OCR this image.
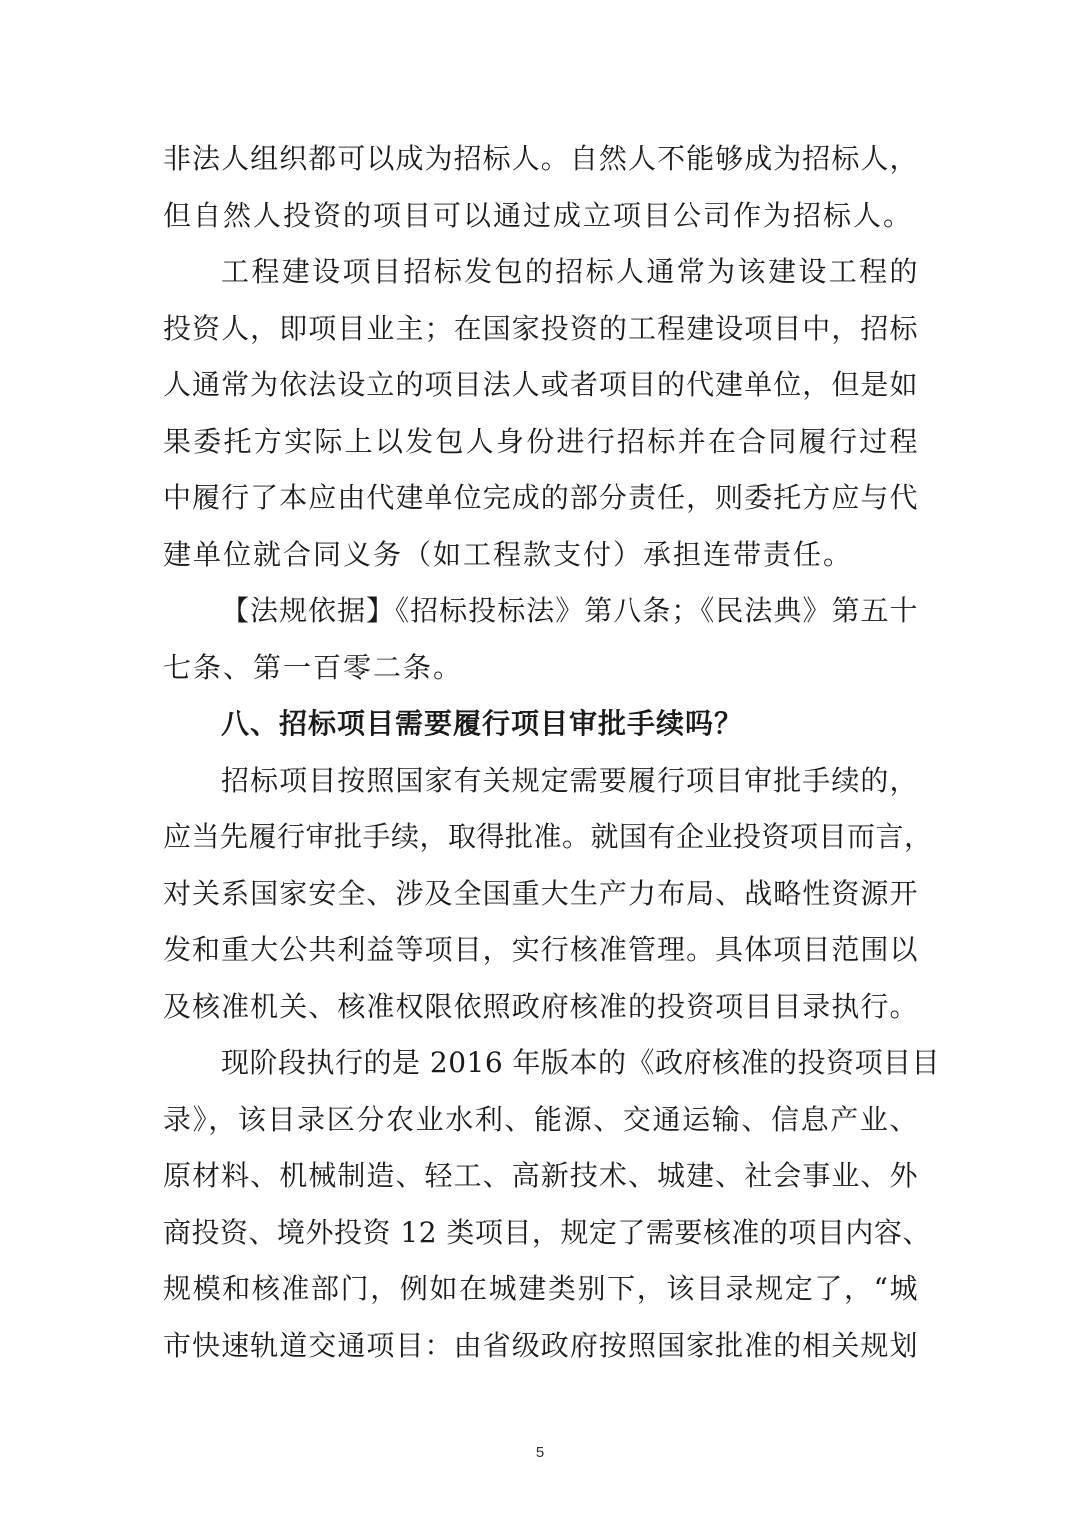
非法人组织都可以成为招标人。自然人不能够成为招标人，
但自然人投资的项目可以通过成立项目公司作为招标人。
工程建设项目招标发包的招标人通常为该建设工程的
投资人，即项目业主；在国家投资的工程建设项目中，招标
人通常为依法设立的项目法人或者项目的代建单位，但是如
果委托方实际上以发包人身份进行招标并在合同履行过程
中履行了本应由代建单位完成的部分责任，则委托方应与代
建单位就合同义务（如工程款支付）承担连带责任。
【法规依据】《招标投标法》第八条；《民法典》第五十
七条、第一百零二条。
八、招标项目需要履行项目审批手续吗？
招标项目按照国家有关规定需要履行项目审批手续的，
应当先履行审批手续，取得批准。就国有企业投资项目而言，
对关系国家安全、涉及全国重大生产力布局、战略性资源开
发和重大公共利益等项目，实行核准管理。具体项目范围以
及核准机关、核准权限依照政府核准的投资项目目录执行。
现阶段执行的是 2016 年版本的《政府核准的投资项目目
录》，该目录区分农业水利、能源、交通运输、信息产业、
原材料、机械制造、轻工、高新技术、城建、社会事业、外
商投资、境外投资 12 类项目，规定了需要核准的项目内容、
规模和核准部门，例如在城建类别下，该目录规定了，“城
市快速轨道交通项目：由省级政府按照国家批准的相关规划
5
